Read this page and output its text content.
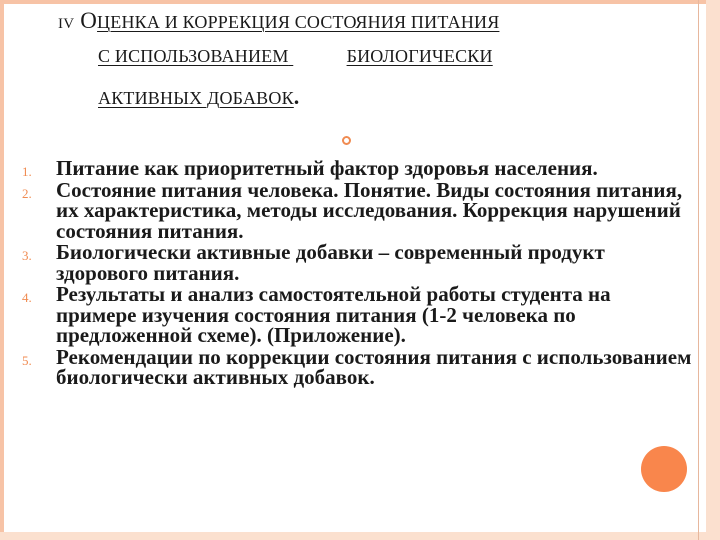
IV ОЦЕНКА И КОРРЕКЦИЯ СОСТОЯНИЯ ПИТАНИЯ
С ИСПОЛЬЗОВАНИЕМ	БИОЛОГИЧЕСКИ
АКТИВНЫХ ДОБАВОК.
1. Питание как приоритетный фактор здоровья населения.
2. Состояние питания человека. Понятие. Виды состояния питания, их характеристика, методы исследования. Коррекция нарушений состояния питания.
3. Биологически активные добавки – современный продукт здорового питания.
4. Результаты и анализ самостоятельной работы студента на примере изучения состояния питания (1-2 человека по предложенной схеме). (Приложение).
5. Рекомендации по коррекции состояния питания с использованием биологически активных добавок.
